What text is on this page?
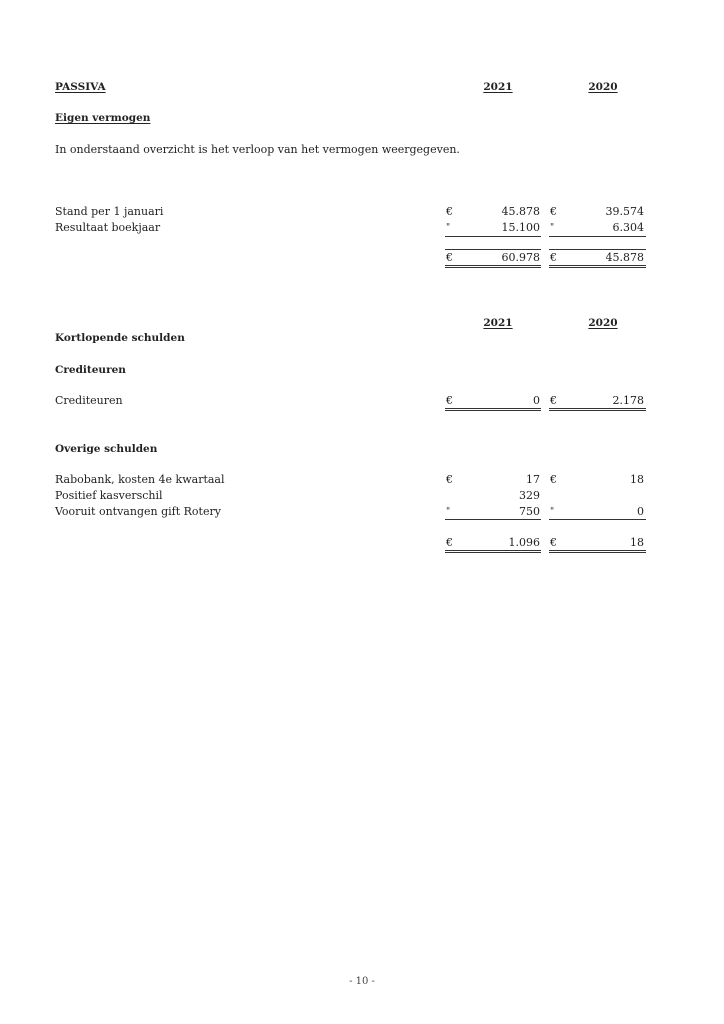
PASSIVA	2021	2020
Eigen vermogen
In onderstaand overzicht is het verloop van het vermogen weergegeven.
Stand per 1 januari	€	45.878 €	39.574
Resultaat boekjaar	"	15.100 "	6.304
€	60.978 €	45.878
2021	2020
Kortlopende schulden
Crediteuren
Crediteuren	€	0 €	2.178
Overige schulden
Rabobank, kosten 4e kwartaal	€	17 €	18
Positief kasverschil	329
Vooruit ontvangen gift Rotery	"	750 "	0
€	1.096 €	18
- 10 -
